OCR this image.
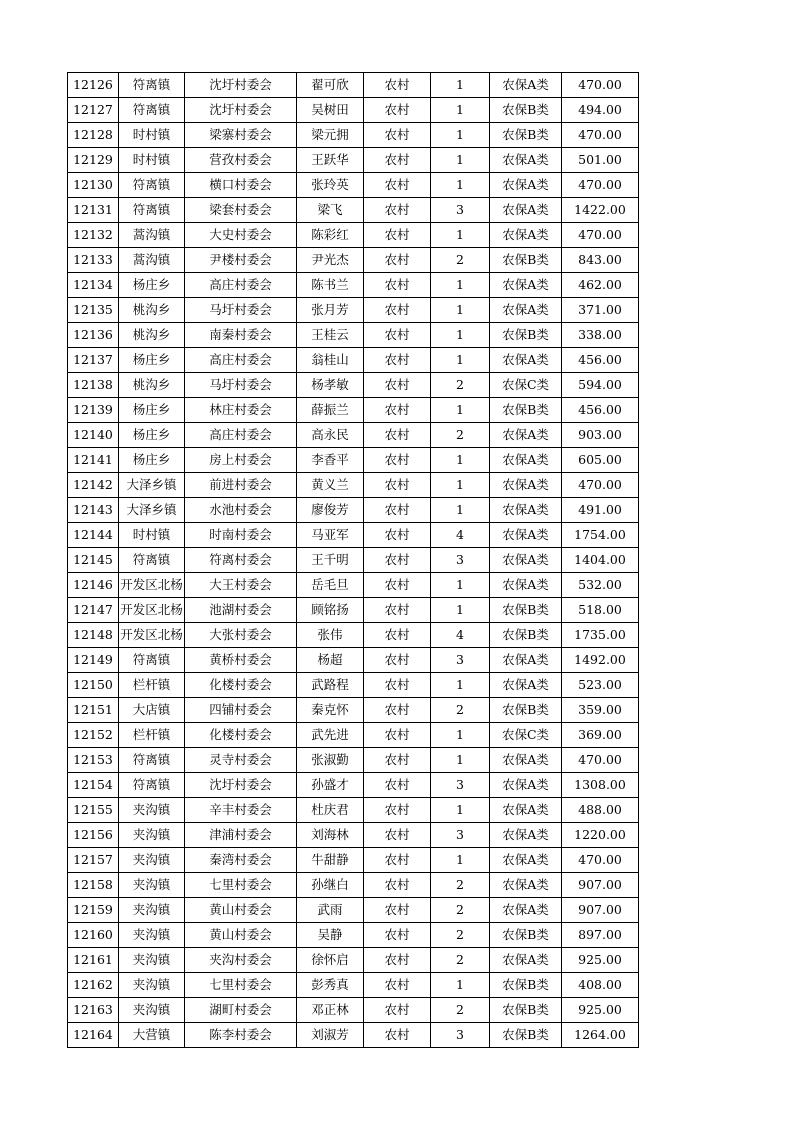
12126	符离镇	沈圩村委会	翟可欣	农村	1	农保A类	470.00
12127	符离镇	沈圩村委会	吴树田	农村	1	农保B类	494.00
12128	时村镇	梁寨村委会	梁元拥	农村	1	农保B类	470.00
12129	时村镇	营孜村委会	王跃华	农村	1	农保A类	501.00
12130	符离镇	横口村委会	张玲英	农村	1	农保A类	470.00
12131	符离镇	梁套村委会	梁飞	农村	3	农保A类	1422.00
12132	蒿沟镇	大史村委会	陈彩红	农村	1	农保A类	470.00
12133	蒿沟镇	尹楼村委会	尹光杰	农村	2	农保B类	843.00
12134	杨庄乡	高庄村委会	陈书兰	农村	1	农保A类	462.00
12135	桃沟乡	马圩村委会	张月芳	农村	1	农保A类	371.00
12136	桃沟乡	南秦村委会	王桂云	农村	1	农保B类	338.00
12137	杨庄乡	高庄村委会	翁桂山	农村	1	农保A类	456.00
12138	桃沟乡	马圩村委会	杨孝敏	农村	2	农保C类	594.00
12139	杨庄乡	林庄村委会	薛振兰	农村	1	农保B类	456.00
12140	杨庄乡	高庄村委会	高永民	农村	2	农保A类	903.00
12141	杨庄乡	房上村委会	李香平	农村	1	农保A类	605.00
12142	大泽乡镇	前进村委会	黄义兰	农村	1	农保A类	470.00
12143	大泽乡镇	水池村委会	廖俊芳	农村	1	农保A类	491.00
12144	时村镇	时南村委会	马亚军	农村	4	农保A类	1754.00
12145	符离镇	符离村委会	王千明	农村	3	农保A类	1404.00
12146	开发区北杨	大王村委会	岳毛旦	农村	1	农保A类	532.00
12147	开发区北杨	池湖村委会	顾铭扬	农村	1	农保B类	518.00
12148	开发区北杨	大张村委会	张伟	农村	4	农保B类	1735.00
12149	符离镇	黄桥村委会	杨超	农村	3	农保A类	1492.00
12150	栏杆镇	化楼村委会	武路程	农村	1	农保A类	523.00
12151	大店镇	四铺村委会	秦克怀	农村	2	农保B类	359.00
12152	栏杆镇	化楼村委会	武先进	农村	1	农保C类	369.00
12153	符离镇	灵寺村委会	张淑勤	农村	1	农保A类	470.00
12154	符离镇	沈圩村委会	孙盛才	农村	3	农保A类	1308.00
12155	夹沟镇	辛丰村委会	杜庆君	农村	1	农保A类	488.00
12156	夹沟镇	津浦村委会	刘海林	农村	3	农保A类	1220.00
12157	夹沟镇	秦湾村委会	牛甜静	农村	1	农保A类	470.00
12158	夹沟镇	七里村委会	孙继白	农村	2	农保A类	907.00
12159	夹沟镇	黄山村委会	武雨	农村	2	农保A类	907.00
12160	夹沟镇	黄山村委会	吴静	农村	2	农保B类	897.00
12161	夹沟镇	夹沟村委会	徐怀启	农村	2	农保A类	925.00
12162	夹沟镇	七里村委会	彭秀真	农村	1	农保B类	408.00
12163	夹沟镇	湖町村委会	邓正林	农村	2	农保B类	925.00
12164	大营镇	陈李村委会	刘淑芳	农村	3	农保B类	1264.00
